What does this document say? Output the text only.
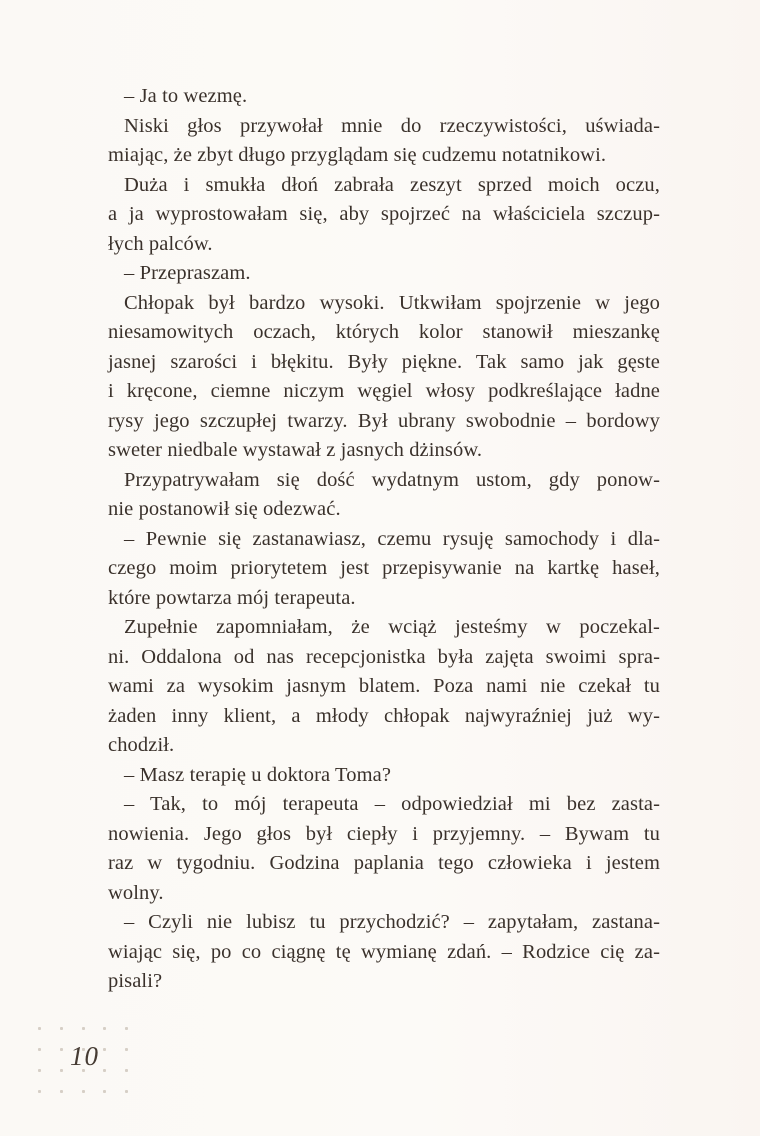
– Ja to wezmę.

Niski głos przywołał mnie do rzeczywistości, uświada-
miając, że zbyt długo przyglądam się cudzemu notatnikowi.

Duża i smukła dłoń zabrała zeszyt sprzed moich oczu,
a ja wyprostowałam się, aby spojrzeć na właściciela szczup-
łych palców.

– Przepraszam.

Chłopak był bardzo wysoki. Utkwiłam spojrzenie w jego
niesamowitych oczach, których kolor stanowił mieszankę
jasnej szarości i błękitu. Były piękne. Tak samo jak gęste
i kręcone, ciemne niczym węgiel włosy podkreślające ładne
rysy jego szczupłej twarzy. Był ubrany swobodnie – bordowy
sweter niedbale wystawał z jasnych dżinsów.

Przypatrywałam się dość wydatnym ustom, gdy ponow-
nie postanowił się odezwać.

– Pewnie się zastanawiasz, czemu rysuję samochody i dla-
czego moim priorytetem jest przepisywanie na kartkę haseł,
które powtarza mój terapeuta.

Zupełnie zapomniałam, że wciąż jesteśmy w poczekal-
ni. Oddalona od nas recepcjonistka była zajęta swoimi spra-
wami za wysokim jasnym blatem. Poza nami nie czekał tu
żaden inny klient, a młody chłopak najwyraźniej już wy-
chodził.

– Masz terapię u doktora Toma?

– Tak, to mój terapeuta – odpowiedział mi bez zasta-
nowienia. Jego głos był ciepły i przyjemny. – Bywam tu
raz w tygodniu. Godzina paplania tego człowieka i jestem
wolny.

– Czyli nie lubisz tu przychodzić? – zapytałam, zastana-
wiając się, po co ciągnę tę wymianę zdań. – Rodzice cię za-
pisali?

10
